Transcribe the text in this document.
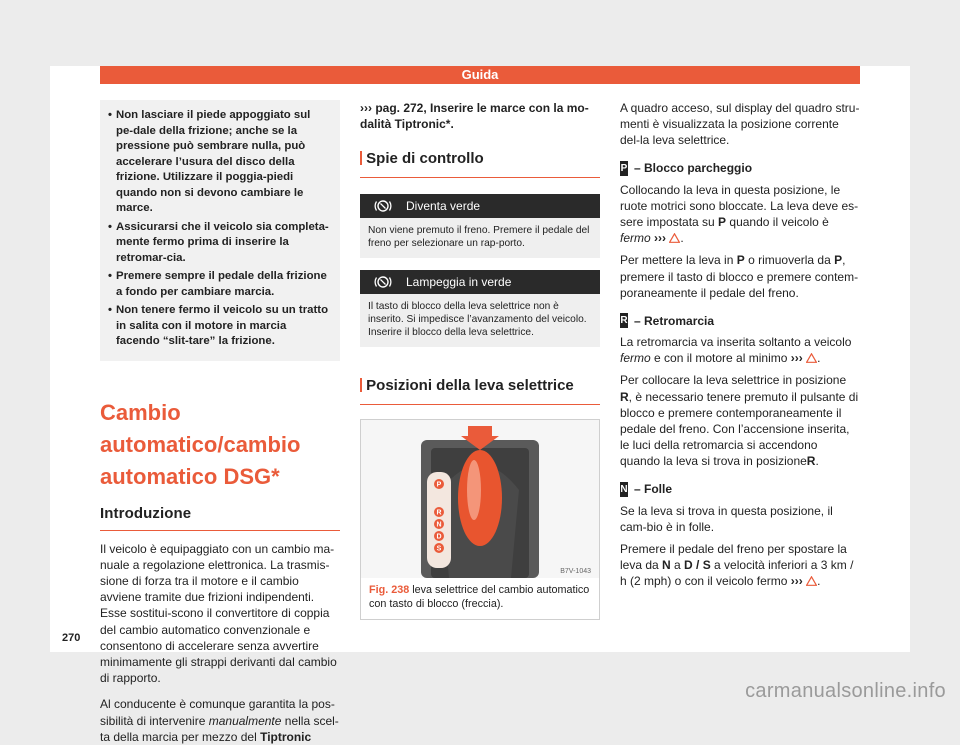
Guida
• Non lasciare il piede appoggiato sul pe-dale della frizione; anche se la pressione può sembrare nulla, può accelerare l’usura del disco della frizione. Utilizzare il poggia-piedi quando non si devono cambiare le marce.
• Assicurarsi che il veicolo sia completa-mente fermo prima di inserire la retromar-cia.
• Premere sempre il pedale della frizione a fondo per cambiare marcia.
• Non tenere fermo il veicolo su un tratto in salita con il motore in marcia facendo “slit-tare” la frizione.
Cambio automatico/cambio automatico DSG*
Introduzione

Il veicolo è equipaggiato con un cambio ma-nuale a regolazione elettronica. La trasmis-sione di forza tra il motore e il cambio avviene tramite due frizioni indipendenti. Esse sostitui-scono il convertitore di coppia del cambio automatico convenzionale e consentono di accelerare senza avvertire minimamente gli strappi derivanti dal cambio di rapporto.

Al conducente è comunque garantita la pos-sibilità di intervenire manualmente nella scel-ta della marcia per mezzo del Tiptronic

››› pag. 272, Inserire le marce con la mo-dalità Tiptronic*.
Spie di controllo
Diventa verde
Non viene premuto il freno. Premere il pedale del freno per selezionare un rap-porto.
Lampeggia in verde
Il tasto di blocco della leva selettrice non è inserito. Si impedisce l’avanzamento del veicolo. Inserire il blocco della leva selettrice.
Posizioni della leva selettrice
P
R
N
D
S
B7V-1043
Fig. 238 leva selettrice del cambio automatico con tasto di blocco (freccia).

A quadro acceso, sul display del quadro stru-menti è visualizzata la posizione corrente del-la leva selettrice.

P – Blocco parcheggio

Collocando la leva in questa posizione, le ruote motrici sono bloccate. La leva deve es-sere impostata su P quando il veicolo è fermo ››› .

Per mettere la leva in P o rimuoverla da P, premere il tasto di blocco e premere contem-poraneamente il pedale del freno.

R – Retromarcia

La retromarcia va inserita soltanto a veicolo fermo e con il motore al minimo ››› .

Per collocare la leva selettrice in posizione R, è necessario tenere premuto il pulsante di blocco e premere contemporaneamente il pedale del freno. Con l’accensione inserita, le luci della retromarcia si accendono quando la leva si trova in posizioneR.

N – Folle

Se la leva si trova in questa posizione, il cam-bio è in folle.

Premere il pedale del freno per spostare la leva da N a D / S a velocità inferiori a 3 km / h (2 mph) o con il veicolo fermo ››› .

270
carmanualsonline.info
